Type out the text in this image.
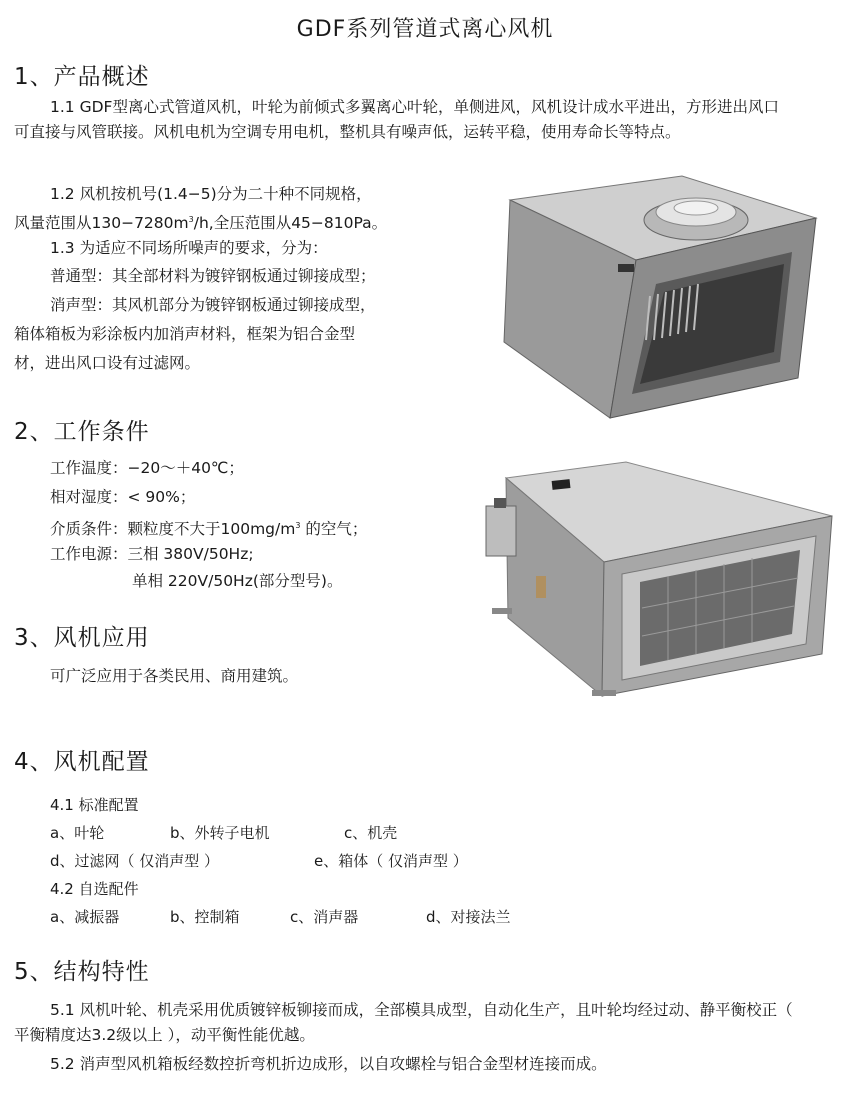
GDF系列管道式离心风机
1、产品概述
1.1 GDF型离心式管道风机，叶轮为前倾式多翼离心叶轮，单侧进风，风机设计成水平进出，方形进出风口可直接与风管联接。风机电机为空调专用电机，整机具有噪声低，运转平稳，使用寿命长等特点。
1.2 风机按机号(1.4−5)分为二十种不同规格，
风量范围从$130-7280m^3/h$,全压范围从45−810Pa。
1.3 为适应不同场所噪声的要求，分为：
普通型：其全部材料为镀锌钢板通过铆接成型；
消声型：其风机部分为镀锌钢板通过铆接成型，
箱体箱板为彩涂板内加消声材料，框架为铝合金型
材，进出风口设有过滤网。
2、工作条件
工作温度：−20～＋40℃；
相对湿度：< 90%；
介质条件：颗粒度不大于$100mg/m^3$ 的空气；
工作电源：三相 380V/50Hz;
单相 220V/50Hz(部分型号)。
3、风机应用
可广泛应用于各类民用、商用建筑。
4、风机配置
4.1 标准配置
a、叶轮	b、外转子电机	c、机壳
d、过滤网（ 仅消声型 ）	e、箱体（ 仅消声型 ）
4.2 自选配件
a、减振器	b、控制箱	c、消声器	d、对接法兰
5、结构特性
5.1 风机叶轮、机壳采用优质镀锌板铆接而成，全部模具成型，自动化生产，且叶轮均经过动、静平衡校正（ 平衡精度达3.2级以上 ），动平衡性能优越。
5.2 消声型风机箱板经数控折弯机折边成形，以自攻螺栓与铝合金型材连接而成。
